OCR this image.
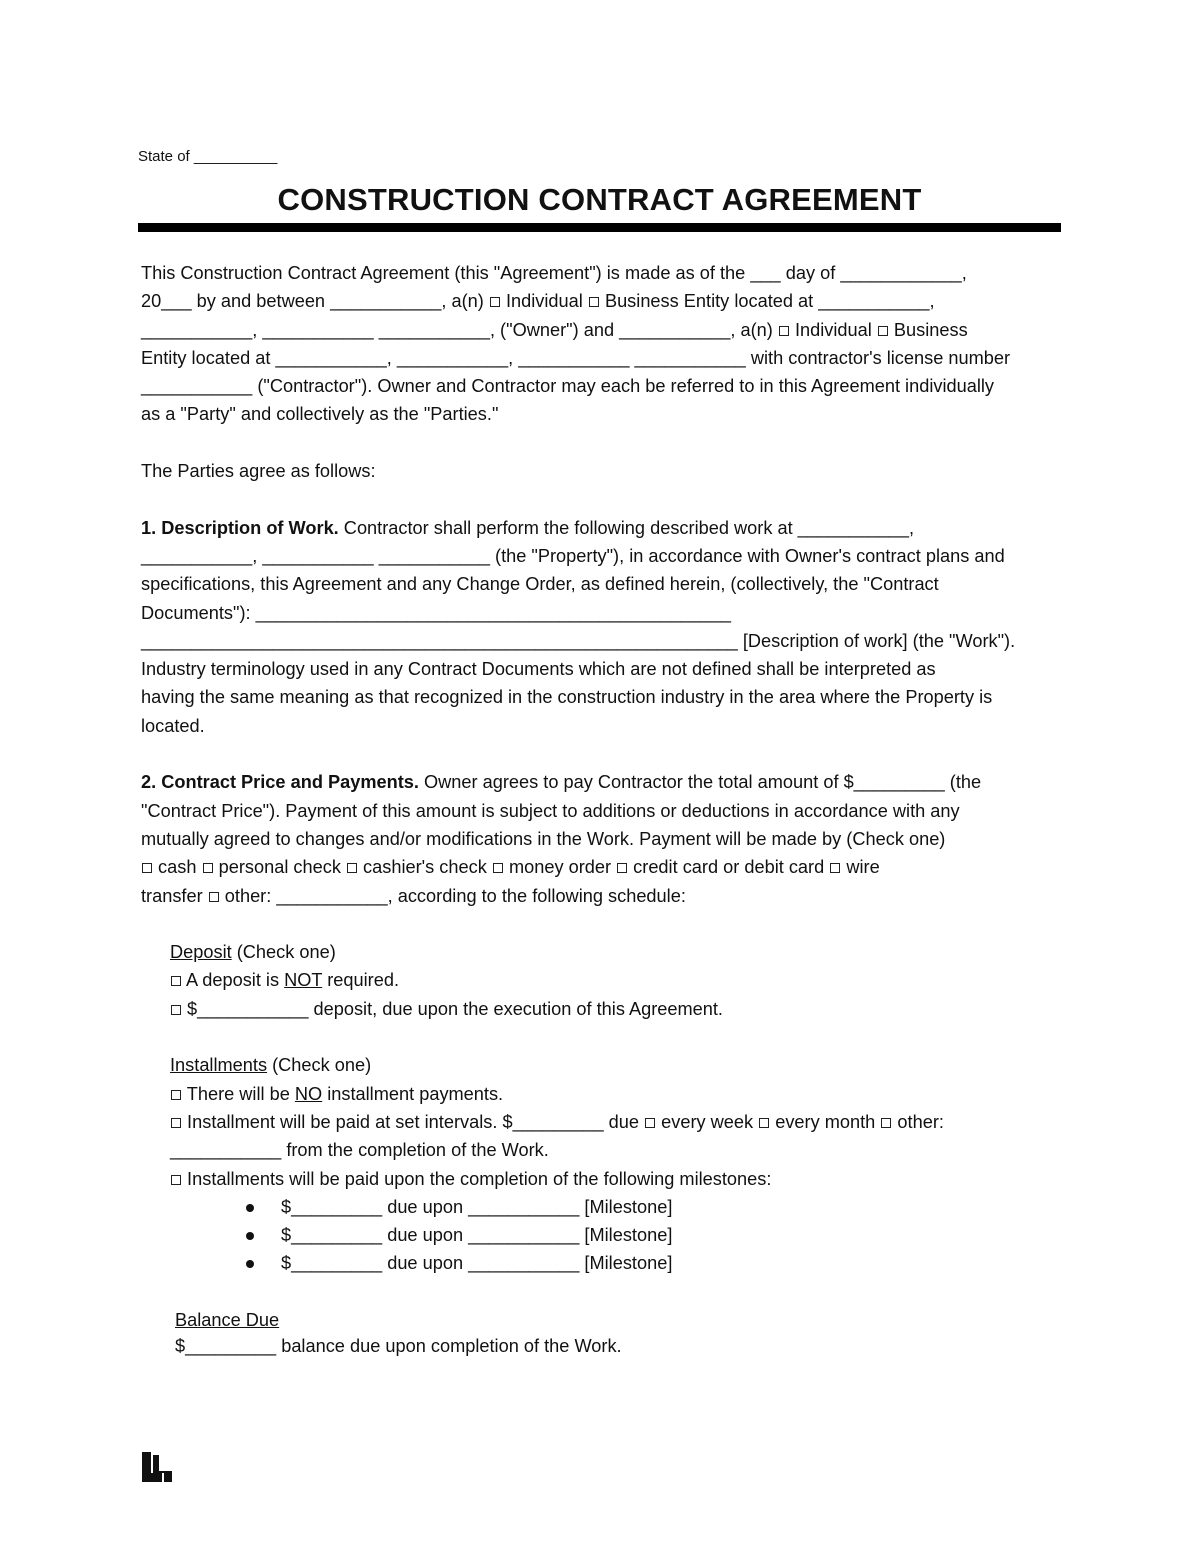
State of __________
CONSTRUCTION CONTRACT AGREEMENT
This Construction Contract Agreement (this "Agreement") is made as of the ___ day of ____________,
20___ by and between ___________, a(n) Individual Business Entity located at ___________,
___________, ___________ ___________, ("Owner") and ___________, a(n)  Individual  Business
Entity located at ___________, ___________, ___________ ___________ with contractor's license number
___________ ("Contractor"). Owner and Contractor may each be referred to in this Agreement individually
as a "Party" and collectively as the "Parties."
The Parties agree as follows:
1. Description of Work. Contractor shall perform the following described work at ___________,
___________, ___________ ___________ (the "Property"), in accordance with Owner's contract plans and
specifications, this Agreement and any Change Order, as defined herein, (collectively, the "Contract
Documents"): _______________________________________________
___________________________________________________________ [Description of work] (the "Work").
Industry terminology used in any Contract Documents which are not defined shall be interpreted as
having the same meaning as that recognized in the construction industry in the area where the Property is
located.
2. Contract Price and Payments. Owner agrees to pay Contractor the total amount of $_________ (the
"Contract Price"). Payment of this amount is subject to additions or deductions in accordance with any
mutually agreed to changes and/or modifications in the Work. Payment will be made by (Check one)
cash  personal check  cashier's check  money order  credit card or debit card  wire
transfer  other: ___________, according to the following schedule:
Deposit (Check one)
A deposit is NOT required.
$___________ deposit, due upon the execution of this Agreement.
Installments (Check one)
There will be NO installment payments.
Installment will be paid at set intervals. $_________ due  every week  every month  other:
___________ from the completion of the Work.
Installments will be paid upon the completion of the following milestones:
$_________ due upon ___________ [Milestone]
$_________ due upon ___________ [Milestone]
$_________ due upon ___________ [Milestone]
Balance Due
$_________ balance due upon completion of the Work.
